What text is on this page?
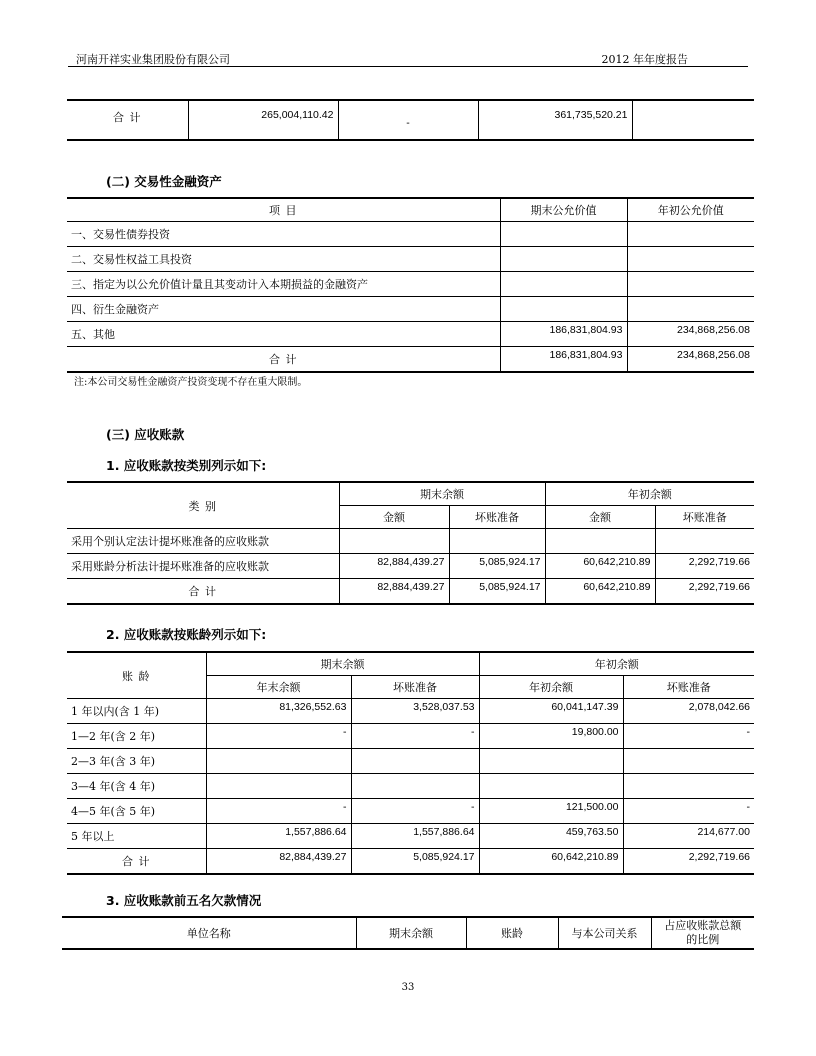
河南开祥实业集团股份有限公司	2012 年年度报告
合 计	265,004,110.42	-	361,735,520.21	
(二) 交易性金融资产
项 目	期末公允价值	年初公允价值
一、交易性债券投资		
二、交易性权益工具投资		
三、指定为以公允价值计量且其变动计入本期损益的金融资产		
四、衍生金融资产		
五、其他	186,831,804.93	234,868,256.08
合 计	186,831,804.93	234,868,256.08
注:本公司交易性金融资产投资变现不存在重大限制。
(三) 应收账款
1. 应收账款按类别列示如下:
类 别	期末余额		年初余额	
	金额	坏账准备	金额	坏账准备
采用个别认定法计提坏账准备的应收账款				
采用账龄分析法计提坏账准备的应收账款	82,884,439.27	5,085,924.17	60,642,210.89	2,292,719.66
合 计	82,884,439.27	5,085,924.17	60,642,210.89	2,292,719.66
2. 应收账款按账龄列示如下:
账 龄	期末余额		年初余额	
	年末余额	坏账准备	年初余额	坏账准备
1 年以内(含 1 年)	81,326,552.63	3,528,037.53	60,041,147.39	2,078,042.66
1—2 年(含 2 年)	-	-	19,800.00	-
2—3 年(含 3 年)				
3—4 年(含 4 年)				
4—5 年(含 5 年)	-	-	121,500.00	-
5 年以上	1,557,886.64	1,557,886.64	459,763.50	214,677.00
合 计	82,884,439.27	5,085,924.17	60,642,210.89	2,292,719.66
3. 应收账款前五名欠款情况
单位名称	期末余额	账龄	与本公司关系	
占应收账款总额
的比例
33
